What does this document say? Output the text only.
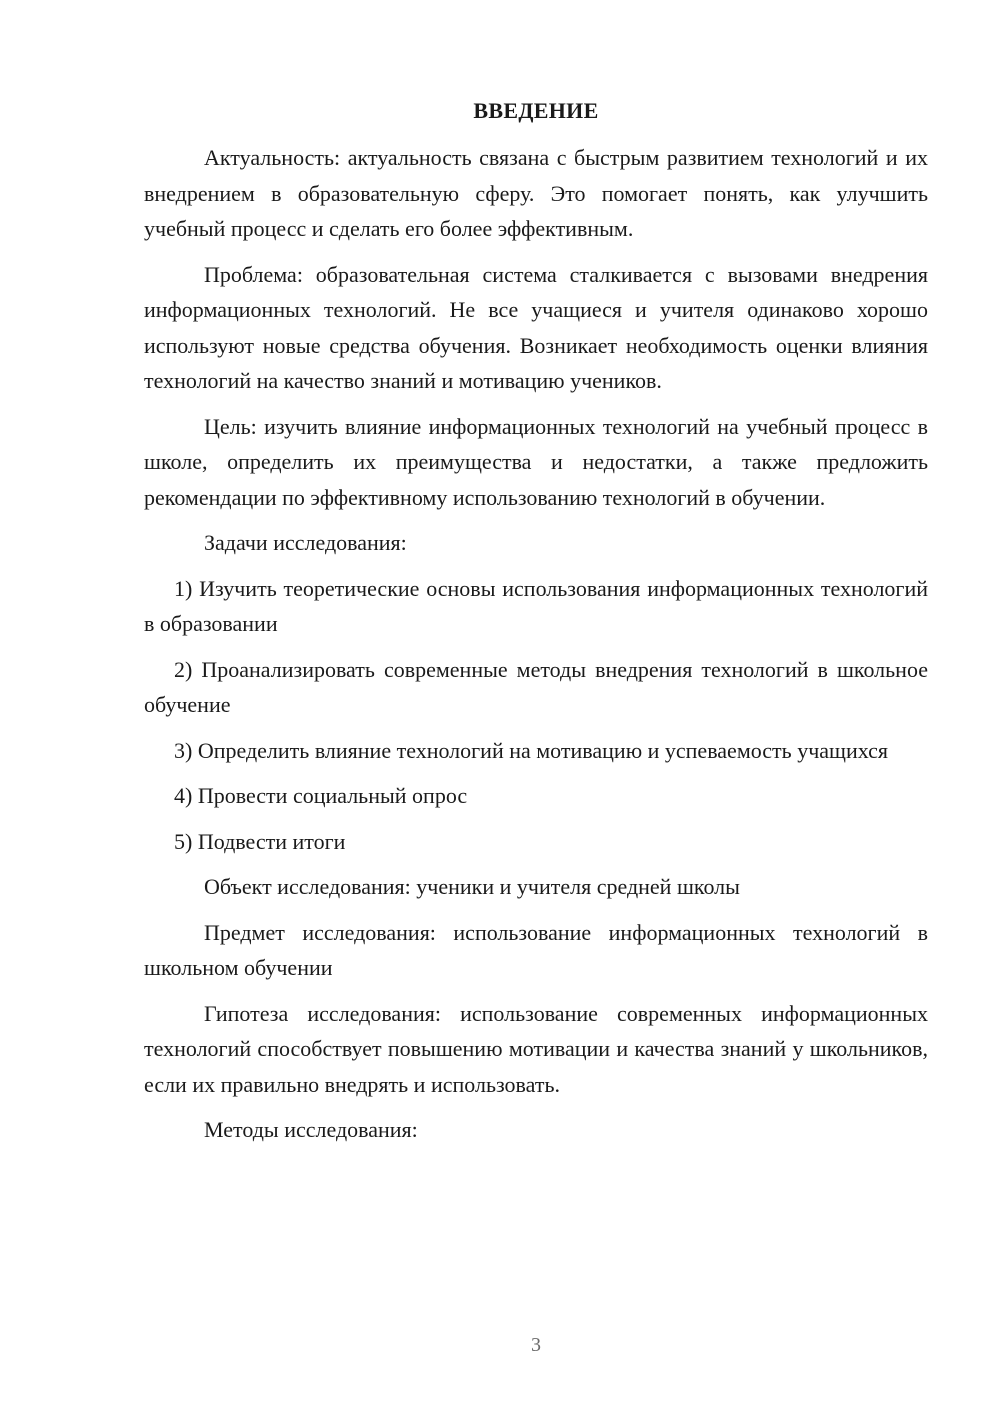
ВВЕДЕНИЕ

Актуальность: актуальность связана с быстрым развитием технологий и их внедрением в образовательную сферу. Это помогает понять, как улучшить учебный процесс и сделать его более эффективным.

Проблема: образовательная система сталкивается с вызовами внедрения информационных технологий. Не все учащиеся и учителя одинаково хорошо используют новые средства обучения. Возникает необходимость оценки влияния технологий на качество знаний и мотивацию учеников.

Цель: изучить влияние информационных технологий на учебный процесс в школе, определить их преимущества и недостатки, а также предложить рекомендации по эффективному использованию технологий в обучении.

Задачи исследования:

1) Изучить теоретические основы использования информационных технологий в образовании

2) Проанализировать современные методы внедрения технологий в школьное обучение

3) Определить влияние технологий на мотивацию и успеваемость учащихся

4) Провести социальный опрос

5) Подвести итоги

Объект исследования: ученики и учителя средней школы

Предмет исследования: использование информационных технологий в школьном обучении

Гипотеза исследования: использование современных информационных технологий способствует повышению мотивации и качества знаний у школьников, если их правильно внедрять и использовать.

Методы исследования:

3
